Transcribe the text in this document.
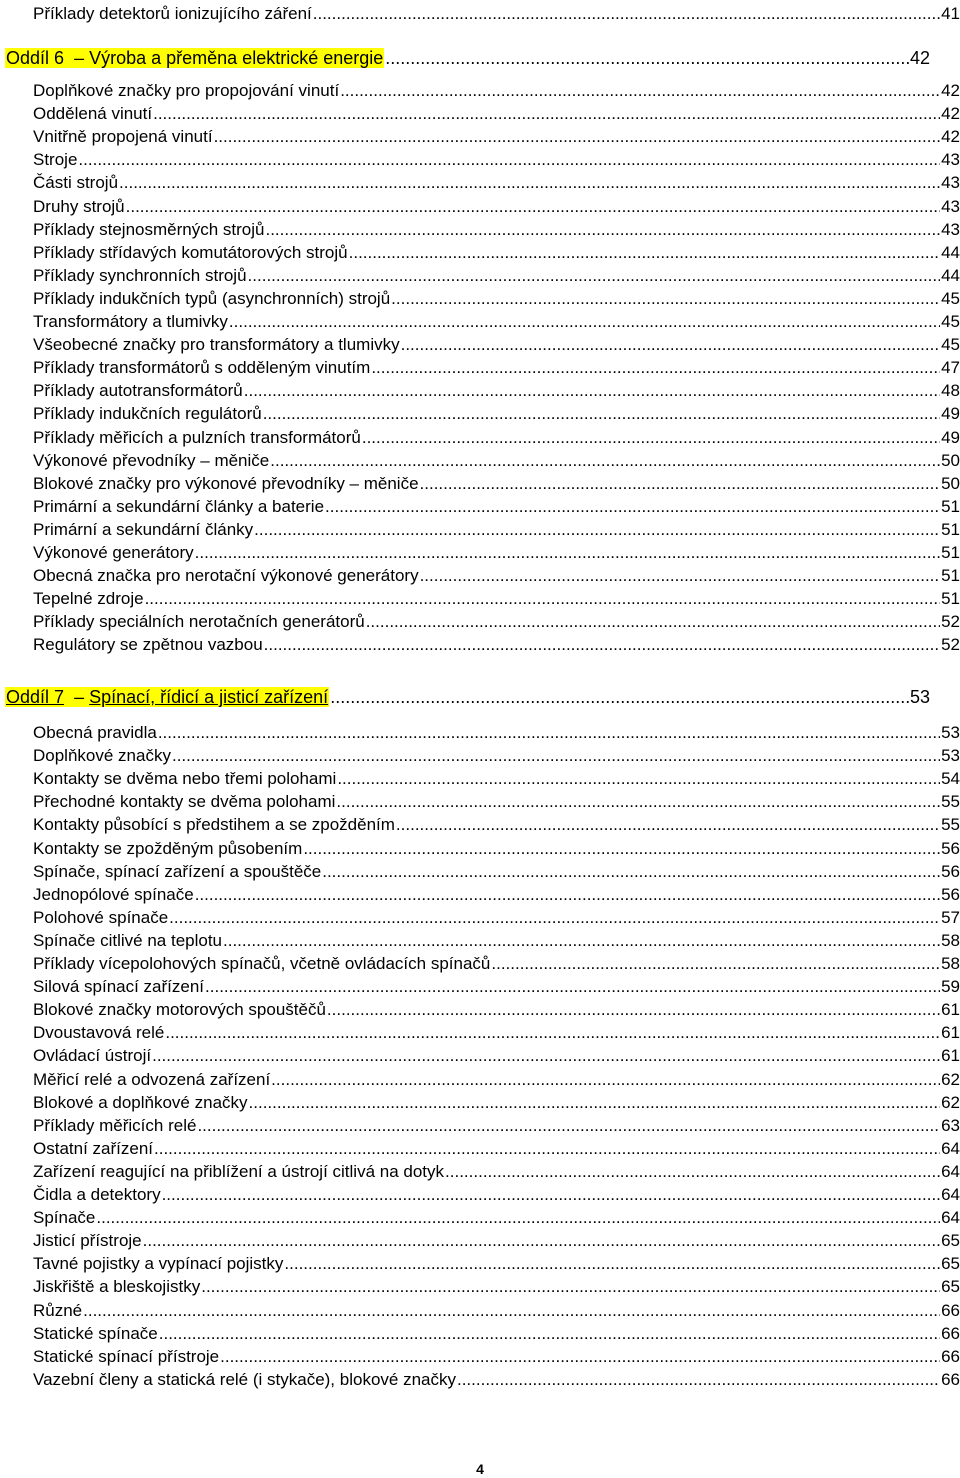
Příklady detektorů ionizujícího záření .....	41
Oddíl 6 – Výroba a přeměna elektrické energie .....	42
Doplňkové značky pro propojování vinutí .....	42
Oddělená vinutí .....	42
Vnitřně propojená vinutí .....	42
Stroje .....	43
Části strojů .....	43
Druhy strojů .....	43
Příklady stejnosměrných strojů .....	43
Příklady střídavých komutátorových strojů .....	44
Příklady synchronních strojů .....	44
Příklady indukčních typů (asynchronních) strojů .....	45
Transformátory a tlumivky .....	45
Všeobecné značky pro transformátory a tlumivky .....	45
Příklady transformátorů s odděleným vinutím .....	47
Příklady autotransformátorů .....	48
Příklady indukčních regulátorů .....	49
Příklady měřicích a pulzních transformátorů .....	49
Výkonové převodníky – měniče .....	50
Blokové značky pro výkonové převodníky – měniče .....	50
Primární a sekundární články a baterie .....	51
Primární a sekundární články .....	51
Výkonové generátory .....	51
Obecná značka pro nerotační výkonové generátory .....	51
Tepelné zdroje .....	51
Příklady speciálních nerotačních generátorů .....	52
Regulátory se zpětnou vazbou .....	52
Oddíl 7 – Spínací, řídicí a jisticí zařízení .....	53
Obecná pravidla .....	53
Doplňkové značky .....	53
Kontakty se dvěma nebo třemi polohami .....	54
Přechodné kontakty se dvěma polohami .....	55
Kontakty působící s předstihem a se zpožděním .....	55
Kontakty se zpožděným působením .....	56
Spínače, spínací zařízení a spouštěče .....	56
Jednopólové spínače .....	56
Polohové spínače .....	57
Spínače citlivé na teplotu .....	58
Příklady vícepolohových spínačů, včetně ovládacích spínačů .....	58
Silová spínací zařízení .....	59
Blokové značky motorových spouštěčů .....	61
Dvoustavová relé .....	61
Ovládací ústrojí .....	61
Měřicí relé a odvozená zařízení .....	62
Blokové a doplňkové značky .....	62
Příklady měřicích relé .....	63
Ostatní zařízení .....	64
Zařízení reagující na přiblížení a ústrojí citlivá na dotyk .....	64
Čidla a detektory .....	64
Spínače .....	64
Jisticí přístroje .....	65
Tavné pojistky a vypínací pojistky .....	65
Jiskřiště a bleskojistky .....	65
Různé .....	66
Statické spínače .....	66
Statické spínací přístroje .....	66
Vazební členy a statická relé (i stykače), blokové značky .....	66
4
